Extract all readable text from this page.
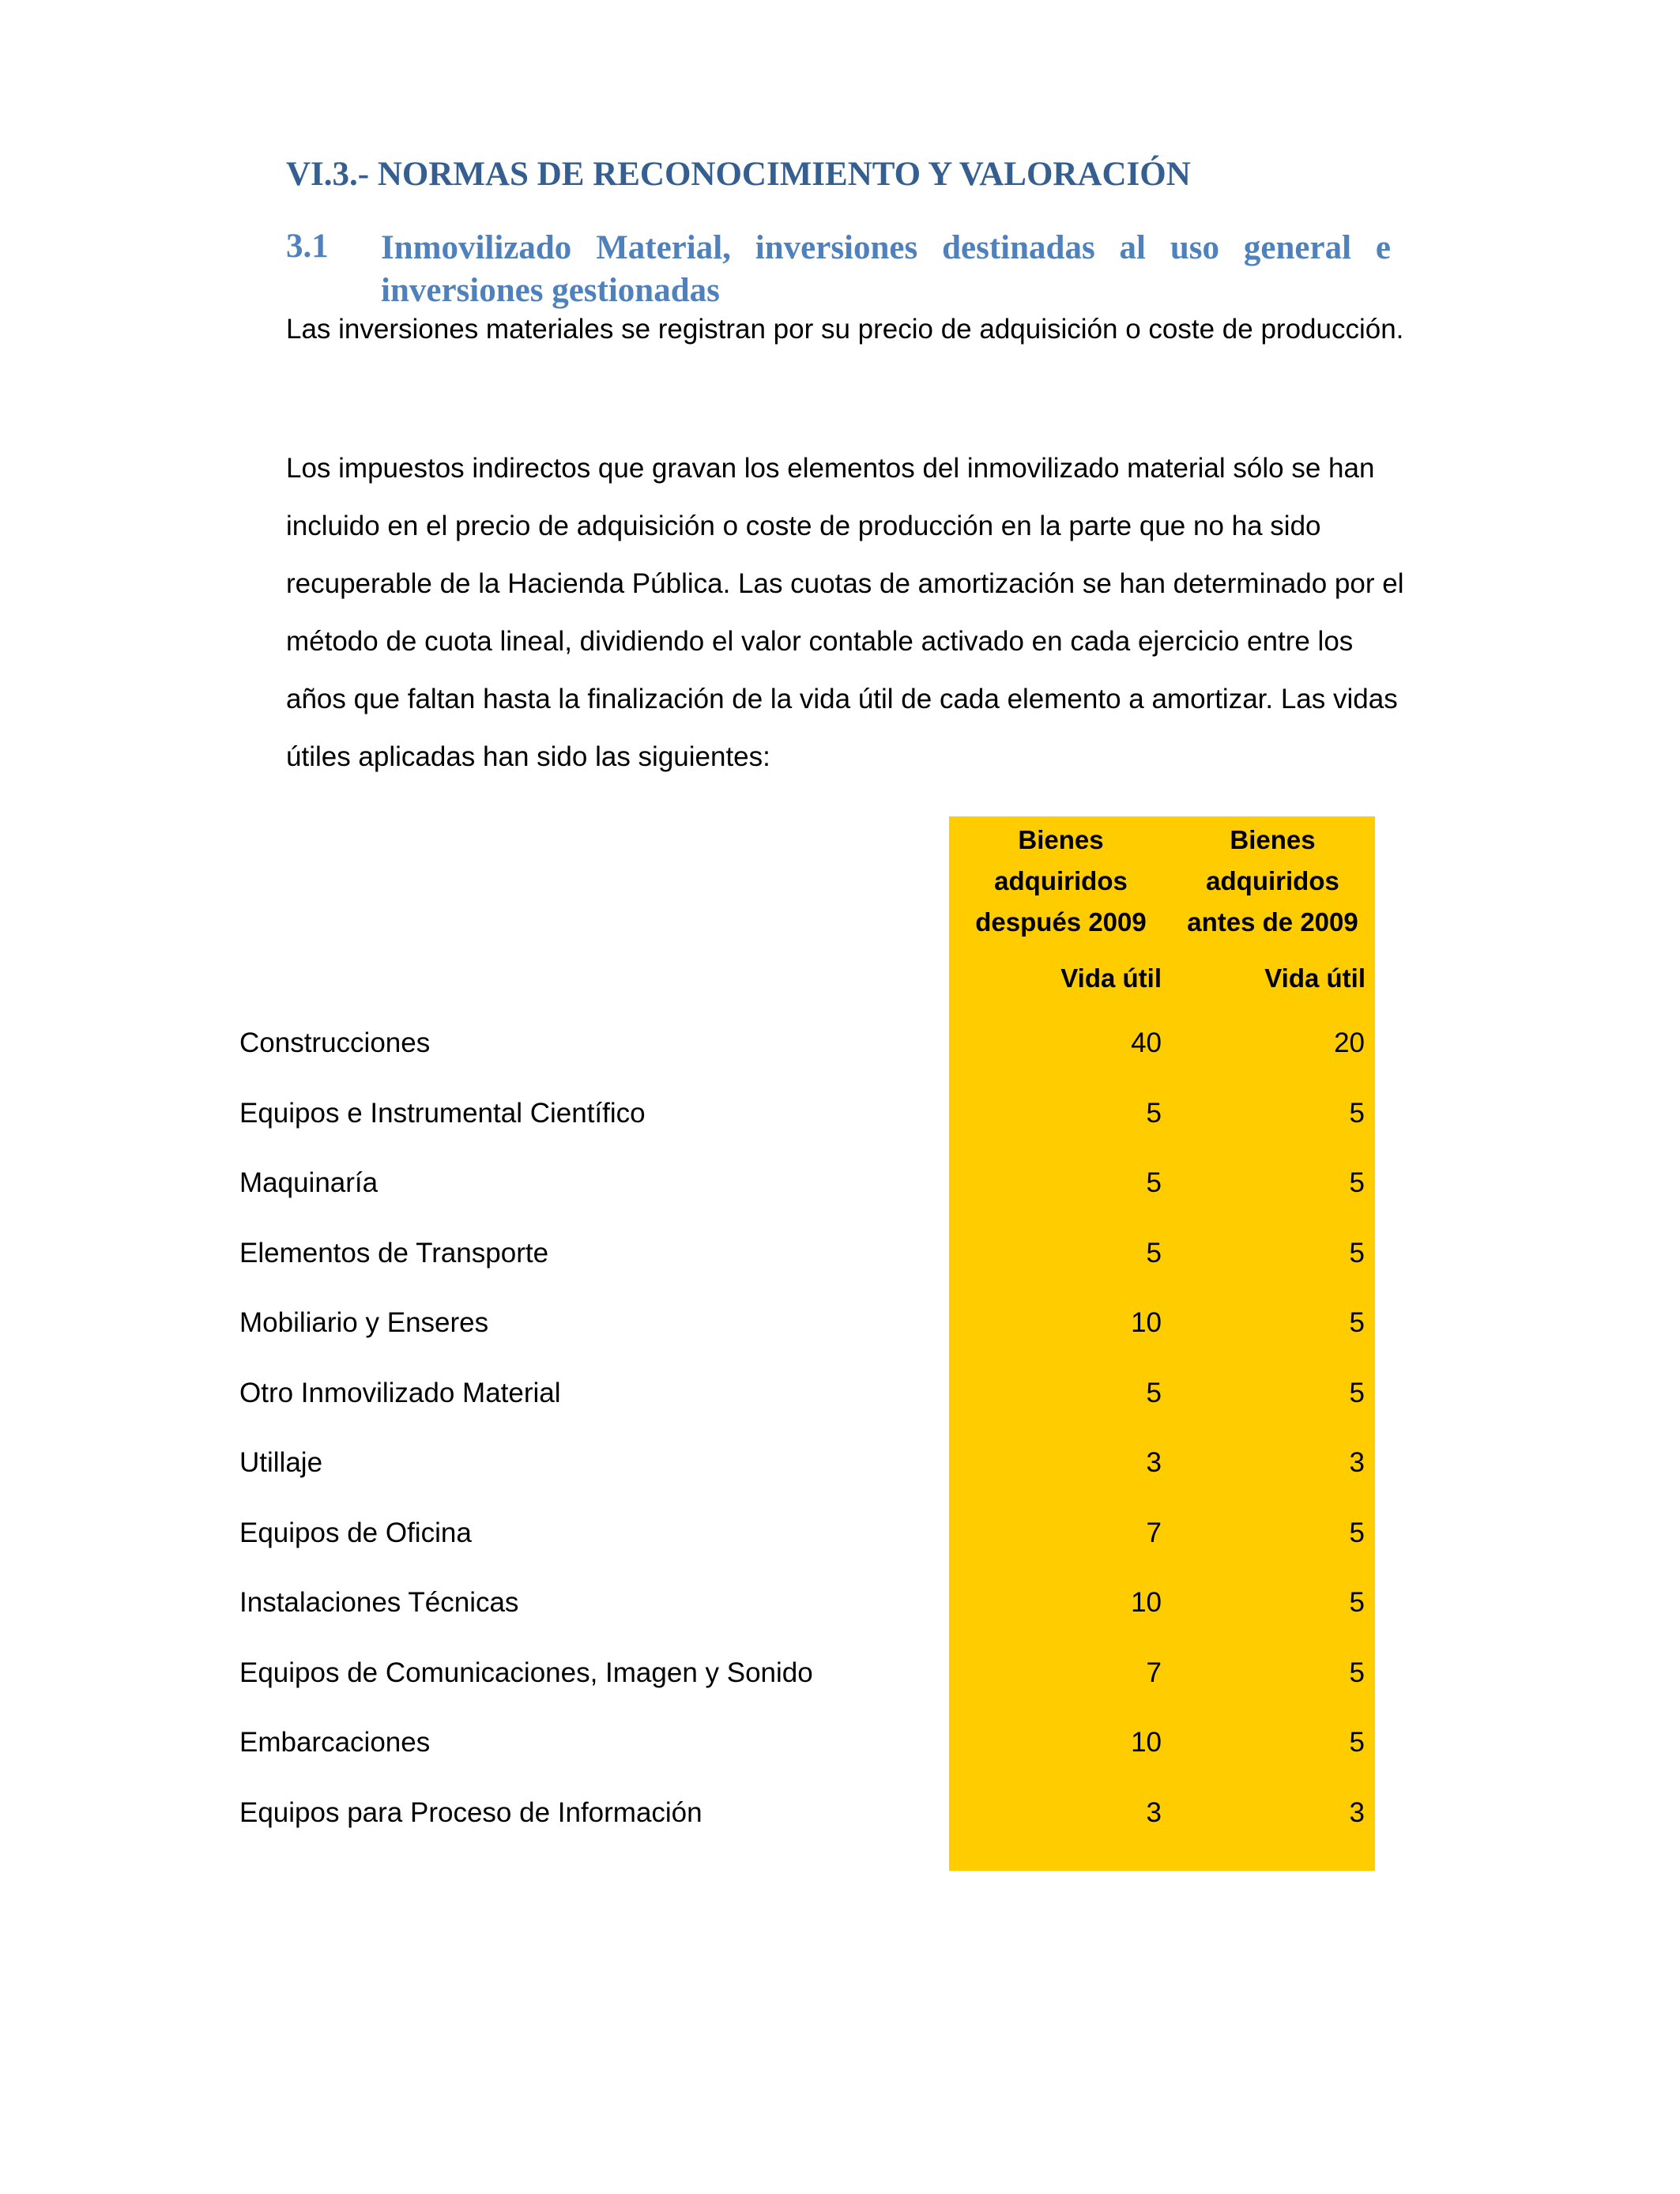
VI.3.- NORMAS DE RECONOCIMIENTO Y VALORACIÓN
3.1 Inmovilizado Material, inversiones destinadas al uso general e inversiones gestionadas
Las inversiones materiales se registran por su precio de adquisición o coste de producción.
Los impuestos indirectos que gravan los elementos del inmovilizado material sólo se han incluido en el precio de adquisición o coste de producción en la parte que no ha sido recuperable de la Hacienda Pública. Las cuotas de amortización se han determinado por el método de cuota lineal, dividiendo el valor contable activado en cada ejercicio entre los años que faltan hasta la finalización de la vida útil de cada elemento a amortizar. Las vidas útiles aplicadas han sido las siguientes:
Bienes adquiridos después 2009
Bienes adquiridos antes de 2009
Vida útil	Vida útil
Construcciones	40	20
Equipos e Instrumental Científico	5	5
Maquinaría	5	5
Elementos de Transporte	5	5
Mobiliario y Enseres	10	5
Otro Inmovilizado Material	5	5
Utillaje	3	3
Equipos de Oficina	7	5
Instalaciones Técnicas	10	5
Equipos de Comunicaciones, Imagen y Sonido	7	5
Embarcaciones	10	5
Equipos para Proceso de Información	3	3
